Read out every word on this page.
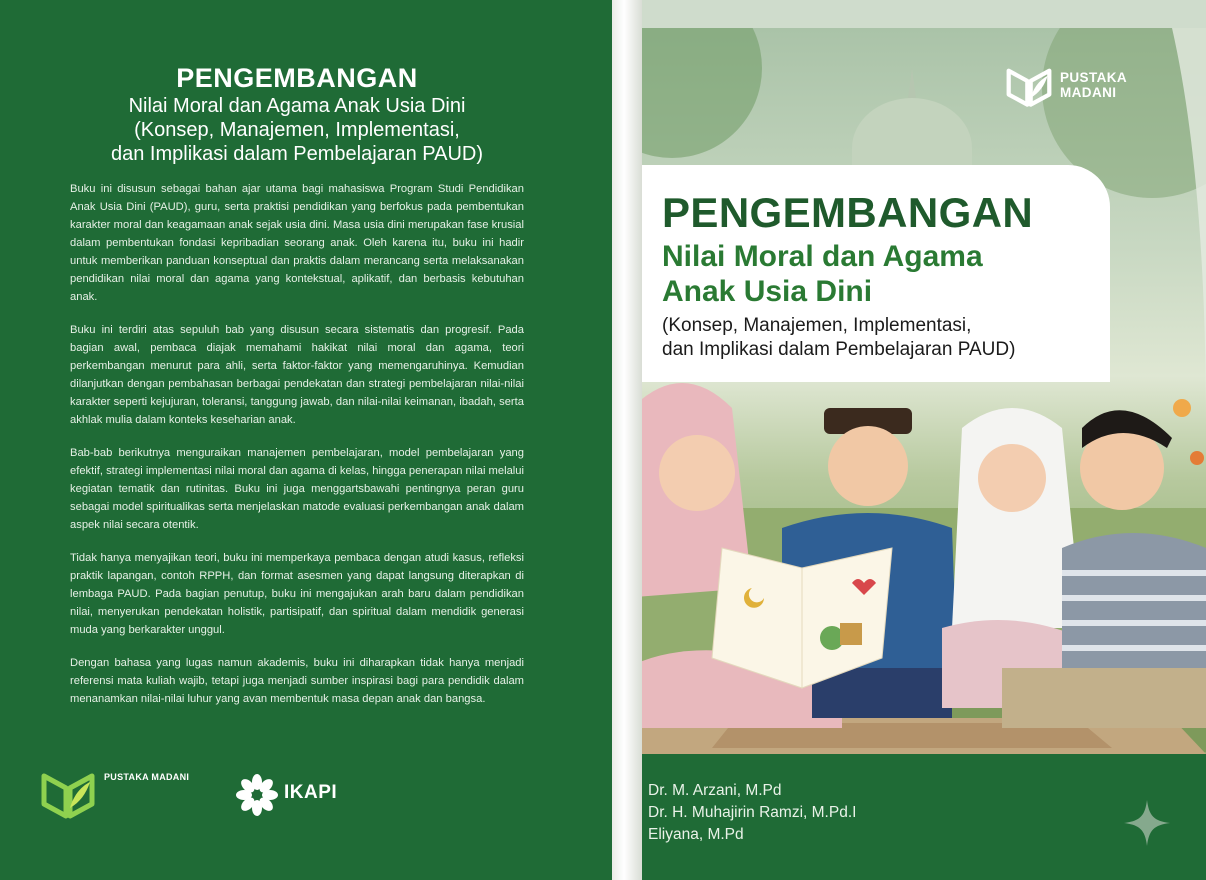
PENGEMBANGAN
Nilai Moral dan Agama Anak Usia Dini
(Konsep, Manajemen, Implementasi,
dan Implikasi dalam Pembelajaran PAUD)

Buku ini disusun sebagai bahan ajar utama bagi mahasiswa Program Studi Pendidikan Anak Usia Dini (PAUD), guru, serta praktisi pendidikan yang berfokus pada pembentukan karakter moral dan keagamaan anak sejak usia dini. Masa usia dini merupakan fase krusial dalam pembentukan fondasi kepribadian seorang anak. Oleh karena itu, buku ini hadir untuk memberikan panduan konseptual dan praktis dalam merancang serta melaksanakan pendidikan nilai moral dan agama yang kontekstual, aplikatif, dan berbasis kebutuhan anak.

Buku ini terdiri atas sepuluh bab yang disusun secara sistematis dan progresif. Pada bagian awal, pembaca diajak memahami hakikat nilai moral dan agama, teori perkembangan menurut para ahli, serta faktor-faktor yang memengaruhinya. Kemudian dilanjutkan dengan pembahasan berbagai pendekatan dan strategi pembelajaran nilai-nilai karakter seperti kejujuran, toleransi, tanggung jawab, dan nilai-nilai keimanan, ibadah, serta akhlak mulia dalam konteks keseharian anak.

Bab-bab berikutnya menguraikan manajemen pembelajaran, model pembelajaran yang efektif, strategi implementasi nilai moral dan agama di kelas, hingga penerapan nilai melalui kegiatan tematik dan rutinitas. Buku ini juga menggartsbawahi pentingnya peran guru sebagai model spiritualikas serta menjelaskan matode evaluasi perkembangan anak dalam aspek nilai secara otentik.

Tidak hanya menyajikan teori, buku ini memperkaya pembaca dengan atudi kasus, refleksi praktik lapangan, contoh RPPH, dan format asesmen yang dapat langsung diterapkan di lembaga PAUD. Pada bagian penutup, buku ini mengajukan arah baru dalam pendidikan nilai, menyerukan pendekatan holistik, partisipatif, dan spiritual dalam mendidik generasi muda yang berkarakter unggul.

Dengan bahasa yang lugas namun akademis, buku ini diharapkan tidak hanya menjadi referensi mata kuliah wajib, tetapi juga menjadi sumber inspirasi bagi para pendidik dalam menanamkan nilai-nilai luhur yang avan membentuk masa depan anak dan bangsa.

PUSTAKA MADANI
IKAPI
PUSTAKA
MADANI
PENGEMBANGAN
Nilai Moral dan Agama
Anak Usia Dini
(Konsep, Manajemen, Implementasi,
dan Implikasi dalam Pembelajaran PAUD)
Dr. M. Arzani, M.Pd
Dr. H. Muhajirin Ramzi, M.Pd.I
Eliyana, M.Pd
